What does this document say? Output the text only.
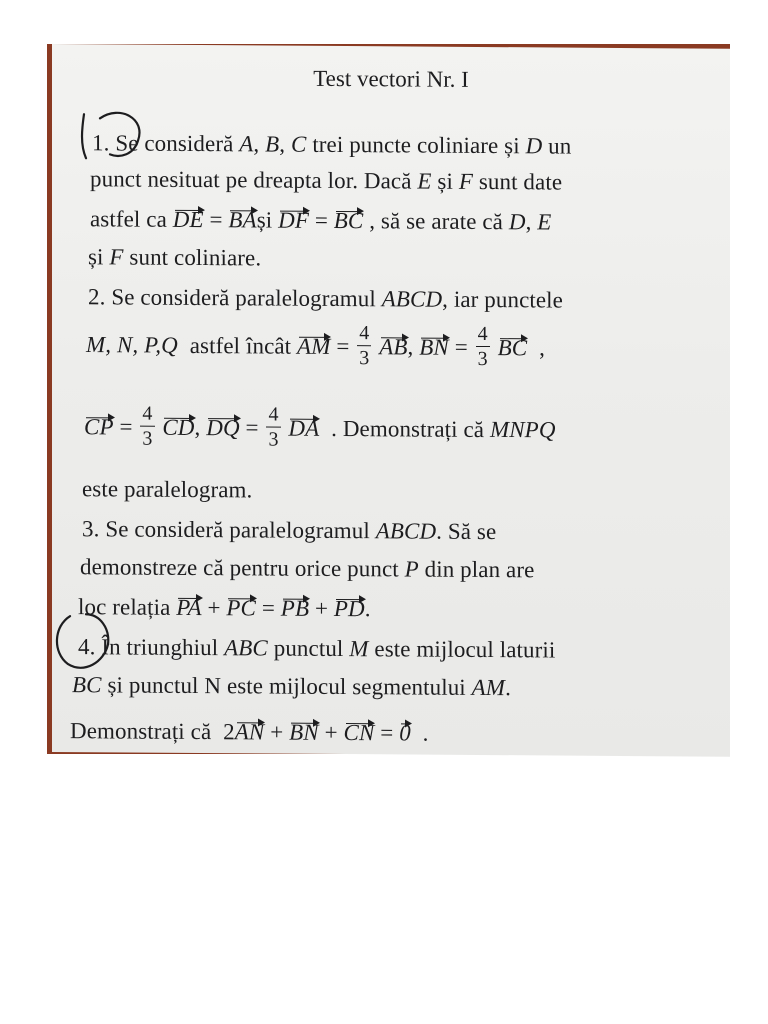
Test vectori Nr. I
1. Se consideră A, B, C trei puncte coliniare și D un
punct nesituat pe dreapta lor. Dacă E și F sunt date
astfel ca DE = BAși DF = BC , să se arate că D, E
și F sunt coliniare.
2. Se consideră paralelogramul ABCD, iar punctele
M, N, P,Q astfel încât AM = $\frac{4}{3}$ AB, BN = $\frac{4}{3}$ BC ,
CP = $\frac{4}{3}$ CD, DQ = $\frac{4}{3}$ DA . Demonstrați că MNPQ
este paralelogram.
3. Se consideră paralelogramul ABCD. Să se
demonstreze că pentru orice punct P din plan are
loc relația PA + PC = PB + PD.
4. În triunghiul ABC punctul M este mijlocul laturii
BC și punctul N este mijlocul segmentului AM.
Demonstrați că 2AN + BN + CN = 0 .
